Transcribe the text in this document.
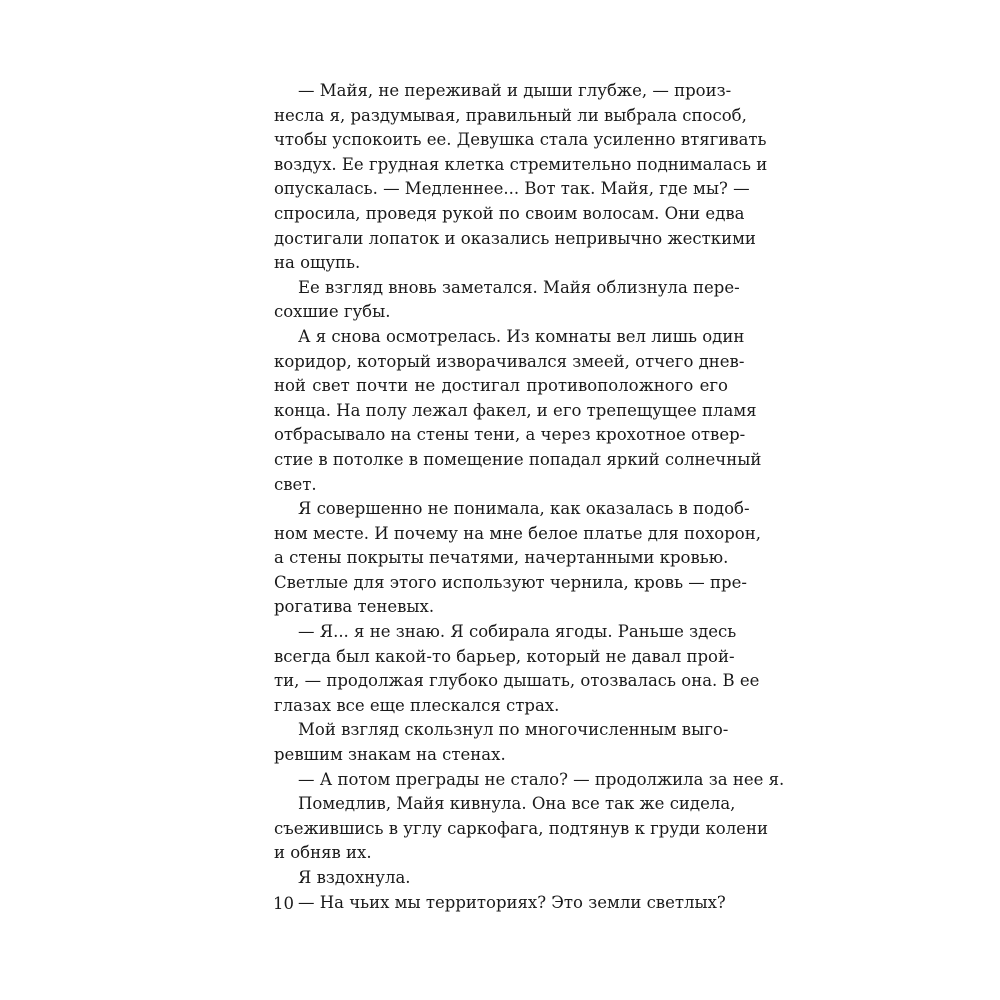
— Майя, не переживай и дыши глубже, — произ-
несла я, раздумывая, правильный ли выбрала способ,
чтобы успокоить ее. Девушка стала усиленно втягивать
воздух. Ее грудная клетка стремительно поднималась и
опускалась. — Медленнее... Вот так. Майя, где мы? —
спросила, проведя рукой по своим волосам. Они едва
достигали лопаток и оказались непривычно жесткими
на ощупь.
Ее взгляд вновь заметался. Майя облизнула пере-
сохшие губы.
А я снова осмотрелась. Из комнаты вел лишь один
коридор, который изворачивался змеей, отчего днев-
ной свет почти не достигал противоположного его
конца. На полу лежал факел, и его трепещущее пламя
отбрасывало на стены тени, а через крохотное отвер-
стие в потолке в помещение попадал яркий солнечный
свет.
Я совершенно не понимала, как оказалась в подоб-
ном месте. И почему на мне белое платье для похорон,
а стены покрыты печатями, начертанными кровью.
Светлые для этого используют чернила, кровь — пре-
рогатива теневых.
— Я... я не знаю. Я собирала ягоды. Раньше здесь
всегда был какой-то барьер, который не давал прой-
ти, — продолжая глубоко дышать, отозвалась она. В ее
глазах все еще плескался страх.
Мой взгляд скользнул по многочисленным выго-
ревшим знакам на стенах.
— А потом преграды не стало? — продолжила за нее я.
Помедлив, Майя кивнула. Она все так же сидела,
съежившись в углу саркофага, подтянув к груди колени
и обняв их.
Я вздохнула.
— На чьих мы территориях? Это земли светлых?
10
